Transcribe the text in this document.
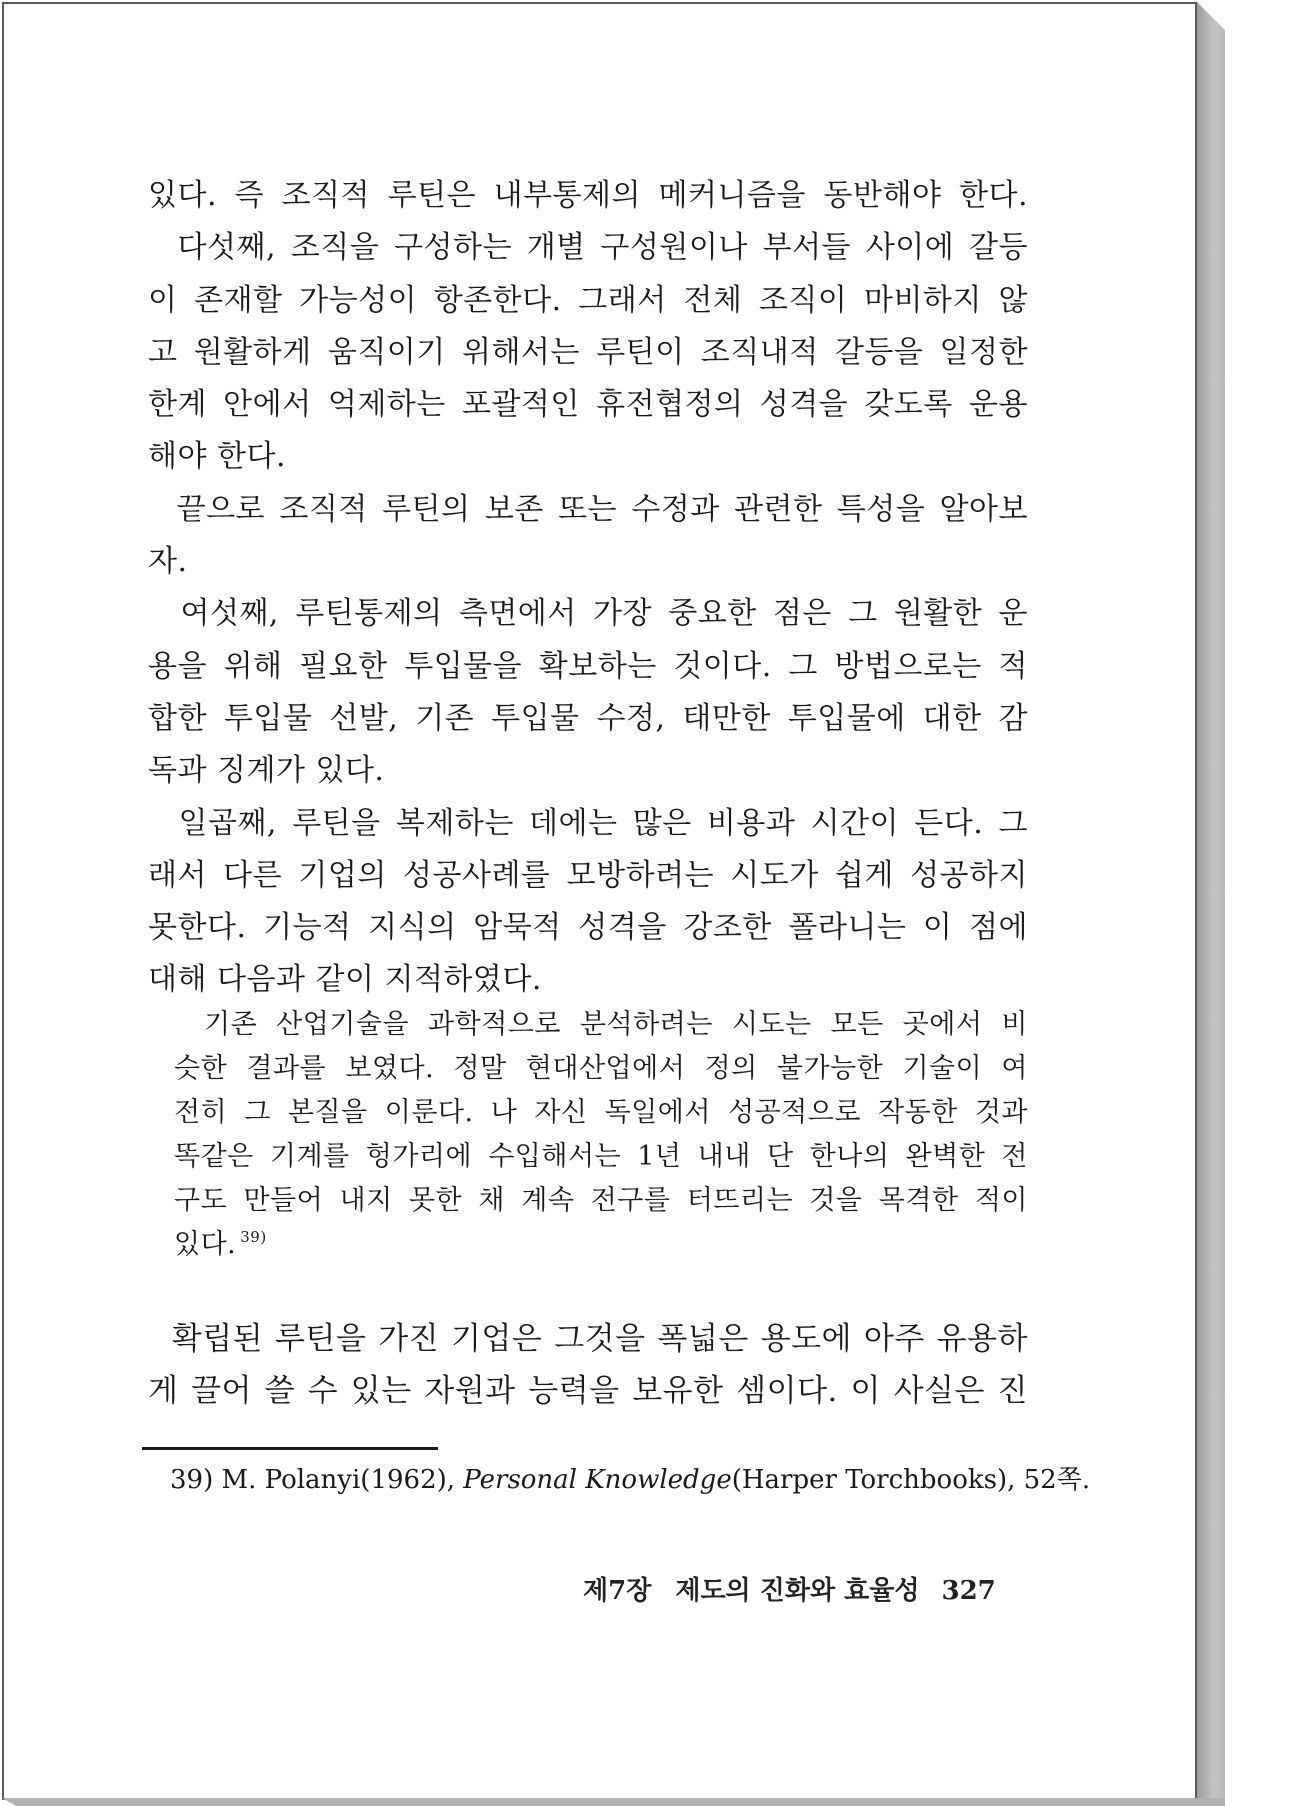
있다. 즉 조직적 루틴은 내부통제의 메커니즘을 동반해야 한다.
다섯째, 조직을 구성하는 개별 구성원이나 부서들 사이에 갈등
이 존재할 가능성이 항존한다. 그래서 전체 조직이 마비하지 않
고 원활하게 움직이기 위해서는 루틴이 조직내적 갈등을 일정한
한계 안에서 억제하는 포괄적인 휴전협정의 성격을 갖도록 운용
해야 한다.
끝으로 조직적 루틴의 보존 또는 수정과 관련한 특성을 알아보
자.
여섯째, 루틴통제의 측면에서 가장 중요한 점은 그 원활한 운
용을 위해 필요한 투입물을 확보하는 것이다. 그 방법으로는 적
합한 투입물 선발, 기존 투입물 수정, 태만한 투입물에 대한 감
독과 징계가 있다.
일곱째, 루틴을 복제하는 데에는 많은 비용과 시간이 든다. 그
래서 다른 기업의 성공사례를 모방하려는 시도가 쉽게 성공하지
못한다. 기능적 지식의 암묵적 성격을 강조한 폴라니는 이 점에
대해 다음과 같이 지적하였다.
기존 산업기술을 과학적으로 분석하려는 시도는 모든 곳에서 비
슷한 결과를 보였다. 정말 현대산업에서 정의 불가능한 기술이 여
전히 그 본질을 이룬다. 나 자신 독일에서 성공적으로 작동한 것과
똑같은 기계를 헝가리에 수입해서는 1년 내내 단 한나의 완벽한 전
구도 만들어 내지 못한 채 계속 전구를 터뜨리는 것을 목격한 적이
있다. $^{39)}$
확립된 루틴을 가진 기업은 그것을 폭넓은 용도에 아주 유용하
게 끌어 쓸 수 있는 자원과 능력을 보유한 셈이다. 이 사실은 진
39) M. Polanyi(1962), Personal Knowledge(Harper Torchbooks), 52쪽.
제7장 제도의 진화와 효율성 327
